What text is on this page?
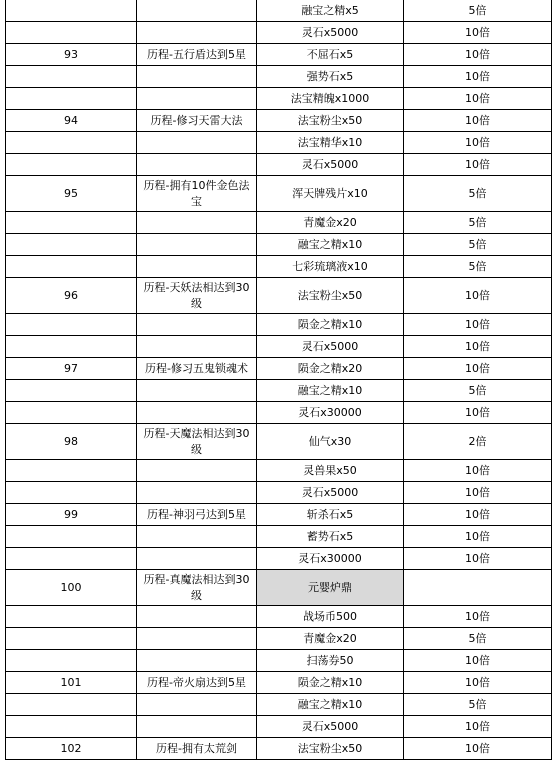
		融宝之精x5	5倍
		灵石x5000	10倍
93	历程-五行盾达到5星	不屈石x5	10倍
		强势石x5	10倍
		法宝精魄x1000	10倍
94	历程-修习天雷大法	法宝粉尘x50	10倍
		法宝精华x10	10倍
		灵石x5000	10倍
95	历程-拥有10件金色法宝	浑天牌残片x10	5倍
		青魔金x20	5倍
		融宝之精x10	5倍
		七彩琉璃液x10	5倍
96	历程-天妖法相达到30级	法宝粉尘x50	10倍
		陨金之精x10	10倍
		灵石x5000	10倍
97	历程-修习五鬼锁魂术	陨金之精x20	10倍
		融宝之精x10	5倍
		灵石x30000	10倍
98	历程-天魔法相达到30级	仙气x30	2倍
		灵兽果x50	10倍
		灵石x5000	10倍
99	历程-神羽弓达到5星	斩杀石x5	10倍
		蓄势石x5	10倍
		灵石x30000	10倍
100	历程-真魔法相达到30级	元婴炉鼎	
		战场币500	10倍
		青魔金x20	5倍
		扫荡券50	10倍
101	历程-帝火扇达到5星	陨金之精x10	10倍
		融宝之精x10	5倍
		灵石x5000	10倍
102	历程-拥有太荒剑	法宝粉尘x50	10倍
